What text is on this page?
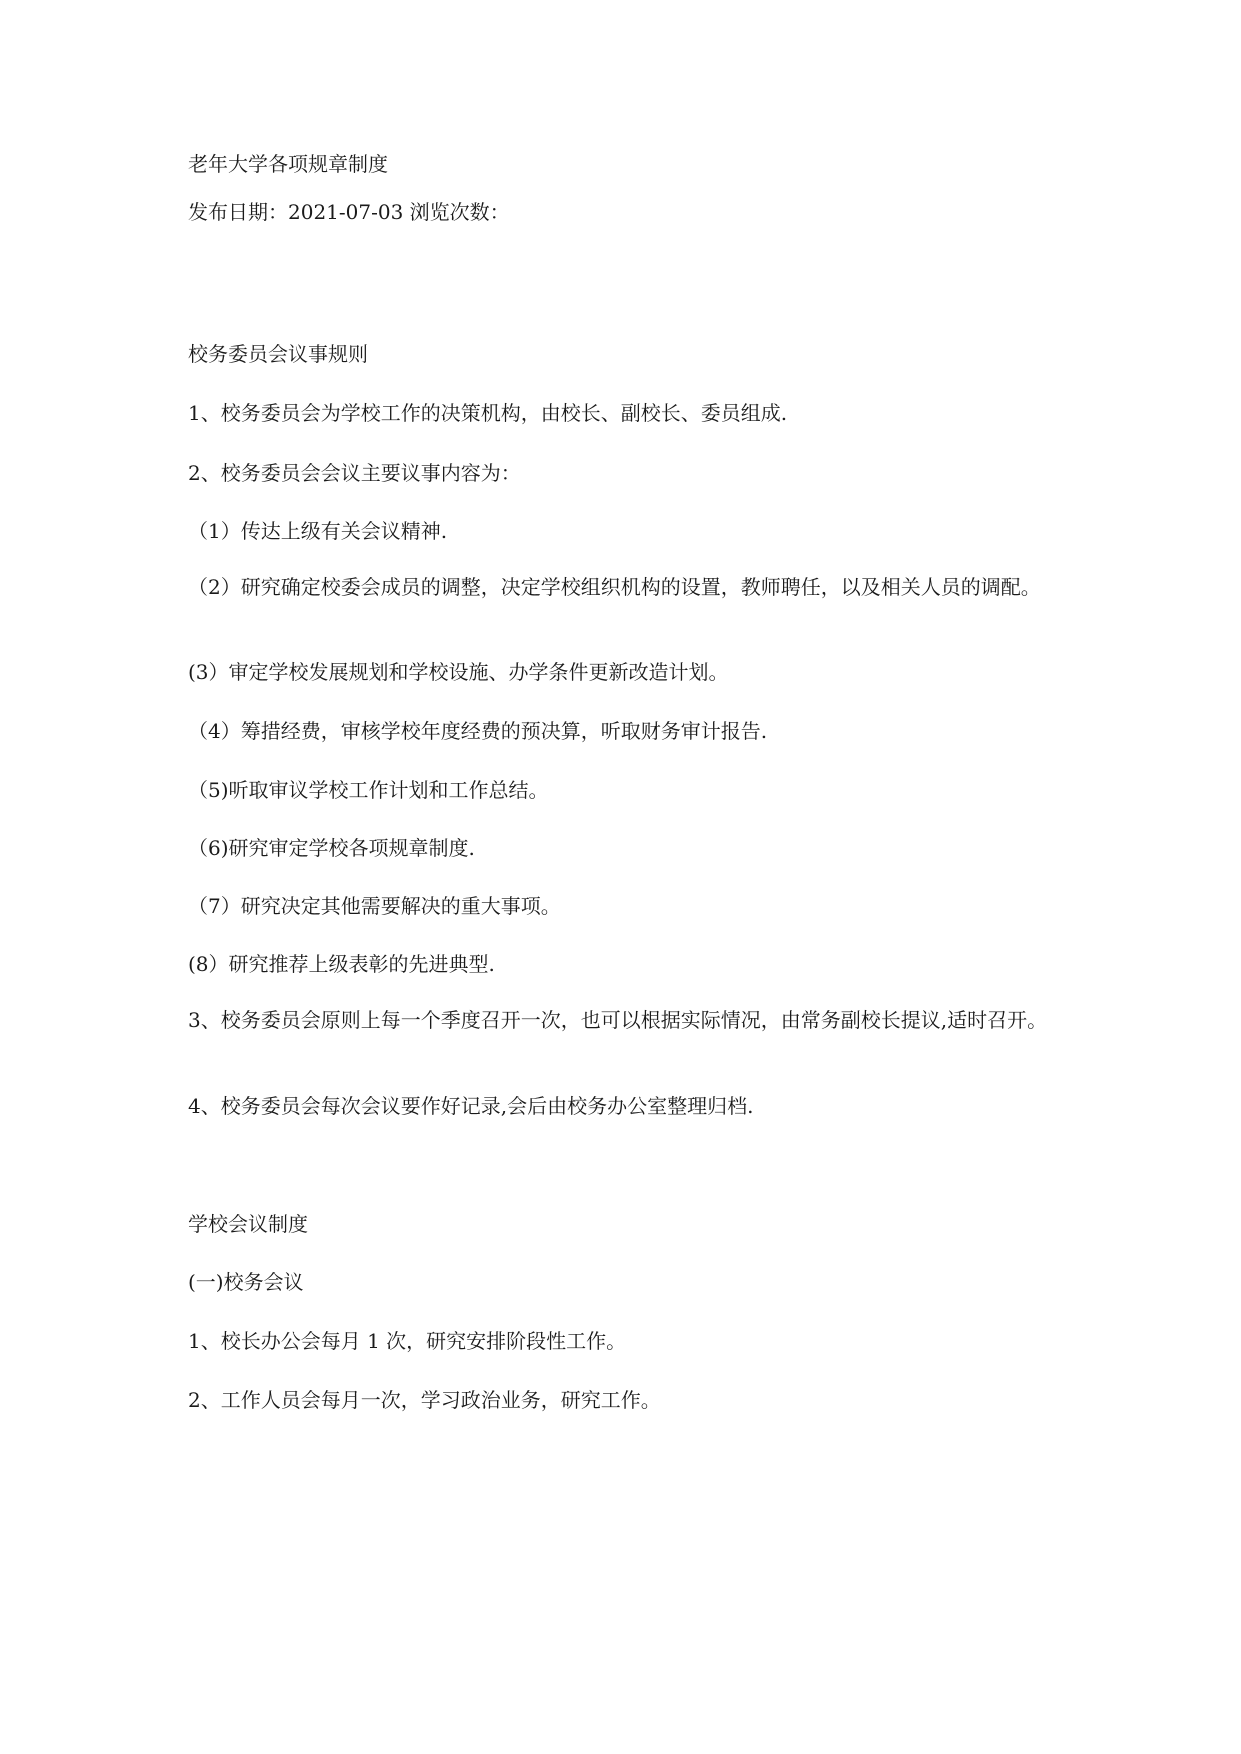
老年大学各项规章制度
发布日期：2021-07-03 浏览次数：
校务委员会议事规则
1、校务委员会为学校工作的决策机构，由校长、副校长、委员组成.
2、校务委员会会议主要议事内容为：
（1）传达上级有关会议精神.
（2）研究确定校委会成员的调整，决定学校组织机构的设置，教师聘任，以及相关人员的调配。
(3）审定学校发展规划和学校设施、办学条件更新改造计划。
（4）筹措经费，审核学校年度经费的预决算，听取财务审计报告.
（5)听取审议学校工作计划和工作总结。
（6)研究审定学校各项规章制度.
（7）研究决定其他需要解决的重大事项。
(8）研究推荐上级表彰的先进典型.
3、校务委员会原则上每一个季度召开一次，也可以根据实际情况，由常务副校长提议,适时召开。
4、校务委员会每次会议要作好记录,会后由校务办公室整理归档.
学校会议制度
(一)校务会议
1、校长办公会每月 1 次，研究安排阶段性工作。
2、工作人员会每月一次，学习政治业务，研究工作。
